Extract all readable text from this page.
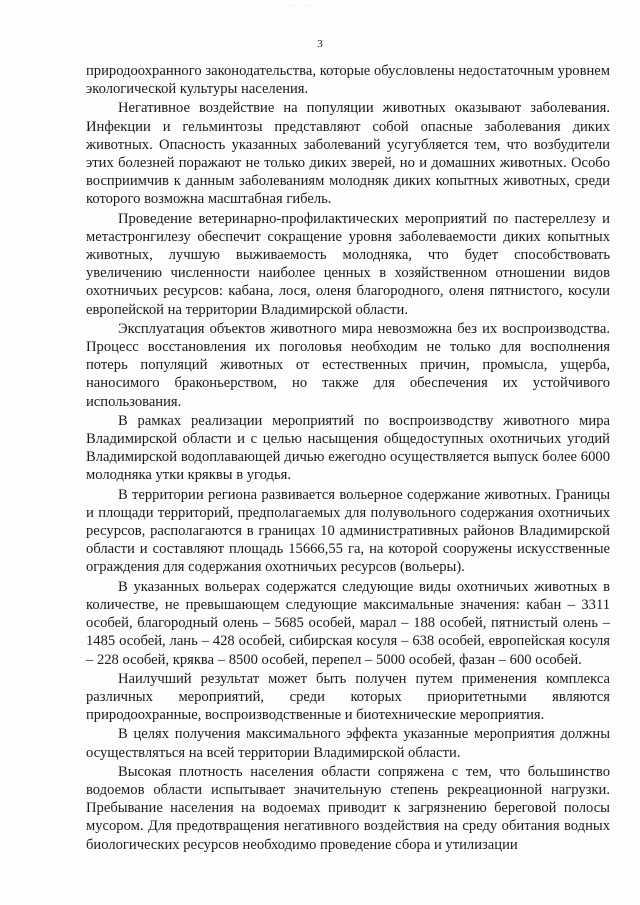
˙˙˙ ˙˙
3

природоохранного законодательства, которые обусловлены недостаточным уровнем экологической культуры населения.

Негативное воздействие на популяции животных оказывают заболевания. Инфекции и гельминтозы представляют собой опасные заболевания диких животных. Опасность указанных заболеваний усугубляется тем, что возбудители этих болезней поражают не только диких зверей, но и домашних животных. Особо восприимчив к данным заболеваниям молодняк диких копытных животных, среди которого возможна масштабная гибель.

Проведение ветеринарно-профилактических мероприятий по пастереллезу и метастронгилезу обеспечит сокращение уровня заболеваемости диких копытных животных, лучшую выживаемость молодняка, что будет способствовать увеличению численности наиболее ценных в хозяйственном отношении видов охотничьих ресурсов: кабана, лося, оленя благородного, оленя пятнистого, косули европейской на территории Владимирской области.

Эксплуатация объектов животного мира невозможна без их воспроизводства. Процесс восстановления их поголовья необходим не только для восполнения потерь популяций животных от естественных причин, промысла, ущерба, наносимого браконьерством, но также для обеспечения их устойчивого использования.

В рамках реализации мероприятий по воспроизводству животного мира Владимирской области и с целью насыщения общедоступных охотничьих угодий Владимирской водоплавающей дичью ежегодно осуществляется выпуск более 6000 молодняка утки кряквы в угодья.

В территории региона развивается вольерное содержание животных. Границы и площади территорий, предполагаемых для полувольного содержания охотничьих ресурсов, располагаются в границах 10 административных районов Владимирской области и составляют площадь 15666,55 га, на которой сооружены искусственные ограждения для содержания охотничьих ресурсов (вольеры).

В указанных вольерах содержатся следующие виды охотничьих животных в количестве, не превышающем следующие максимальные значения: кабан – 3311 особей, благородный олень – 5685 особей, марал – 188 особей, пятнистый олень – 1485 особей, лань – 428 особей, сибирская косуля – 638 особей, европейская косуля – 228 особей, кряква – 8500 особей, перепел – 5000 особей, фазан – 600 особей.

Наилучший результат может быть получен путем применения комплекса различных мероприятий, среди которых приоритетными являются природоохранные, воспроизводственные и биотехнические мероприятия.

В целях получения максимального эффекта указанные мероприятия должны осуществляться на всей территории Владимирской области.

Высокая плотность населения области сопряжена с тем, что большинство водоемов области испытывает значительную степень рекреационной нагрузки. Пребывание населения на водоемах приводит к загрязнению береговой полосы мусором. Для предотвращения негативного воздействия на среду обитания водных биологических ресурсов необходимо проведение сбора и утилизации
